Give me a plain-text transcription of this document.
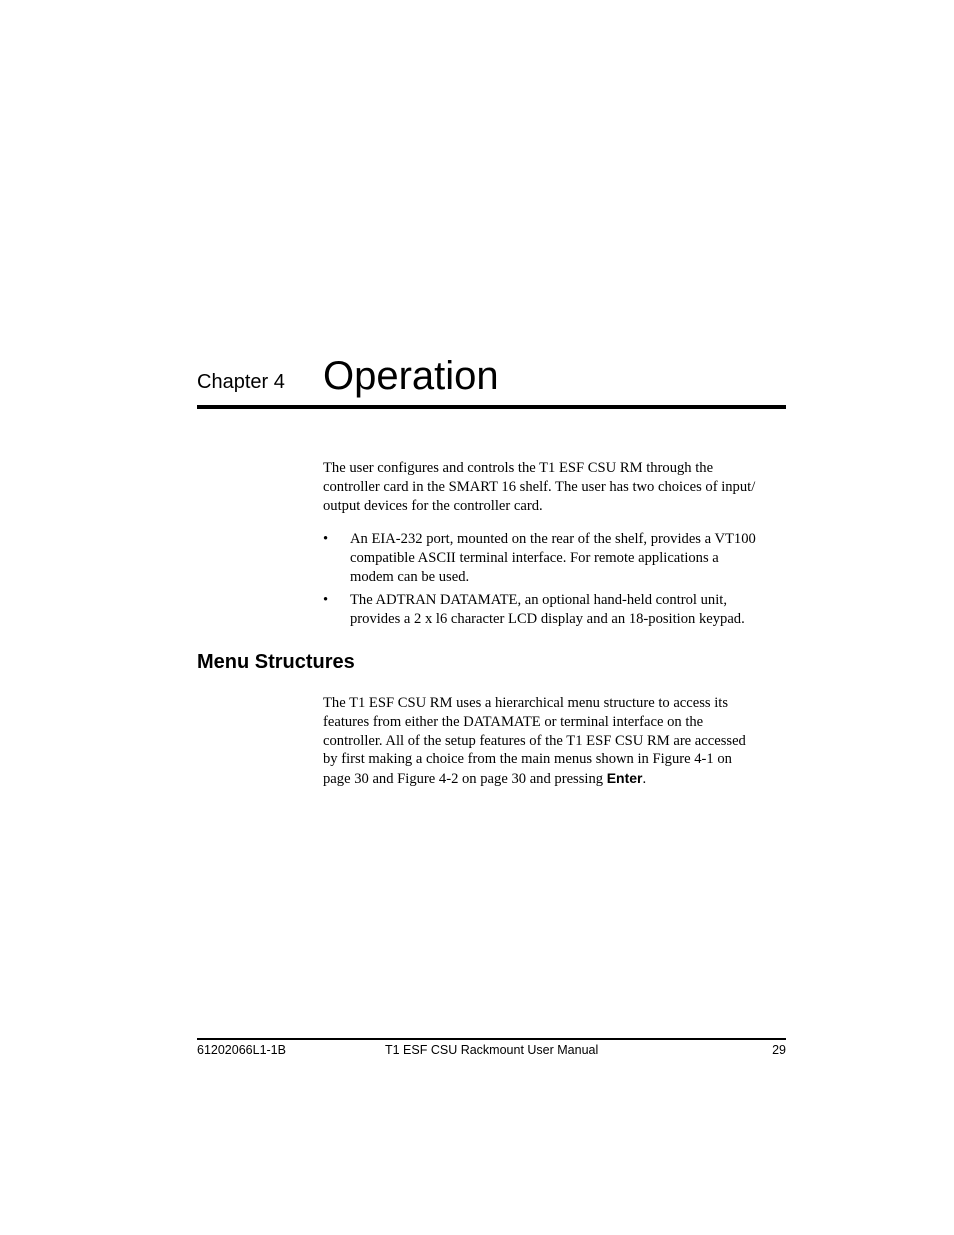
Chapter 4 Operation

The user configures and controls the T1 ESF CSU RM through the
controller card in the SMART 16 shelf. The user has two choices of input/
output devices for the controller card.

• An EIA-232 port, mounted on the rear of the shelf, provides a VT100
compatible ASCII terminal interface. For remote applications a
modem can be used.
• The ADTRAN DATAMATE, an optional hand-held control unit,
provides a 2 x l6 character LCD display and an 18-position keypad.
Menu Structures

The T1 ESF CSU RM uses a hierarchical menu structure to access its
features from either the DATAMATE or terminal interface on the
controller. All of the setup features of the T1 ESF CSU RM are accessed
by first making a choice from the main menus shown in Figure 4-1 on
page 30 and Figure 4-2 on page 30 and pressing Enter.

61202066L1-1B	T1 ESF CSU Rackmount User Manual	29
